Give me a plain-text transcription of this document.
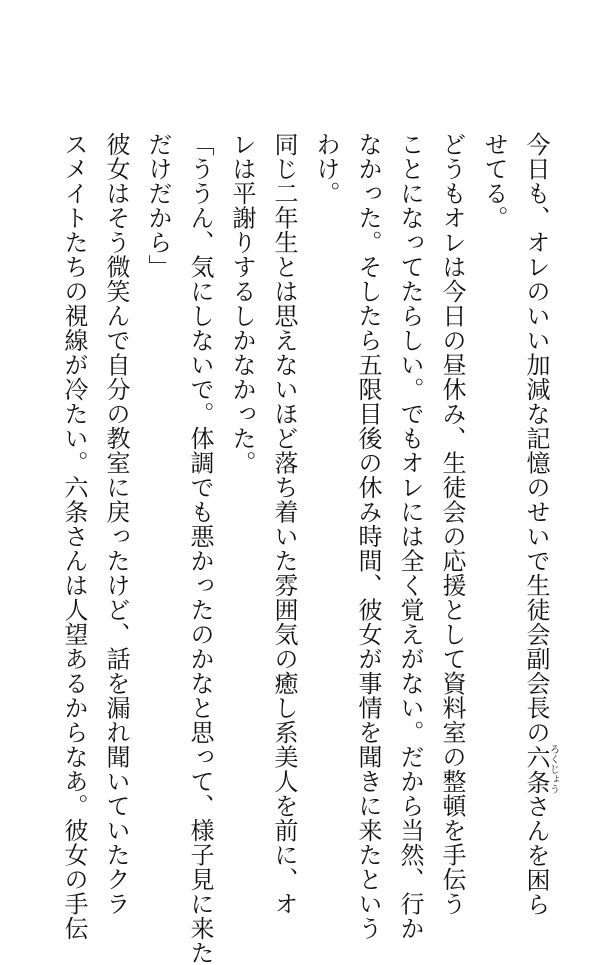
今日も、オレのいい加減な記憶のせいで生徒会副会長の六条ろくじょうさんを困ら
せてる。
どうもオレは今日の昼休み、生徒会の応援として資料室の整頓を手伝う
ことになってたらしい。でもオレには全く覚えがない。だから当然、行か
なかった。そしたら五限目後の休み時間、彼女が事情を聞きに来たという
わけ。
同じ二年生とは思えないほど落ち着いた雰囲気の癒し系美人を前に、オ
レは平謝りするしかなかった。
「ううん、気にしないで。体調でも悪かったのかなと思って、様子見に来た
だけだから」
彼女はそう微笑んで自分の教室に戻ったけど、話を漏れ聞いていたクラ
スメイトたちの視線が冷たい。六条さんは人望あるからなあ。彼女の手伝
